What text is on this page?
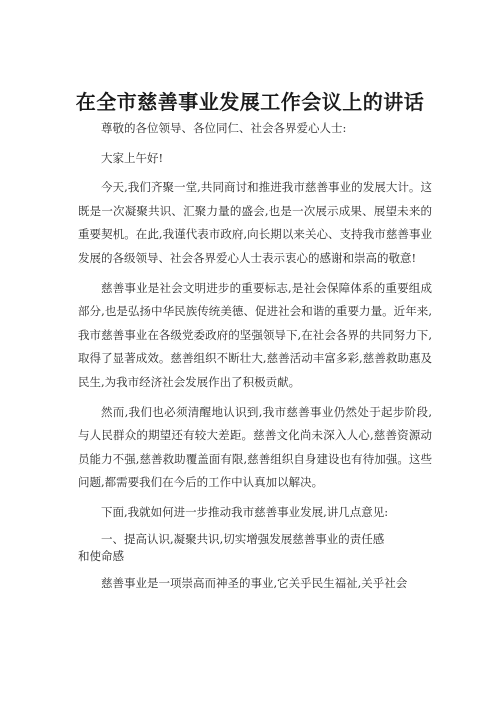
在全市慈善事业发展工作会议上的讲话

尊敬的各位领导、各位同仁、社会各界爱心人士:

大家上午好!

今天,我们齐聚一堂,共同商讨和推进我市慈善事业的发展大计。这既是一次凝聚共识、汇聚力量的盛会,也是一次展示成果、展望未来的重要契机。在此,我谨代表市政府,向长期以来关心、支持我市慈善事业发展的各级领导、社会各界爱心人士表示衷心的感谢和崇高的敬意!

慈善事业是社会文明进步的重要标志,是社会保障体系的重要组成部分,也是弘扬中华民族传统美德、促进社会和谐的重要力量。近年来,我市慈善事业在各级党委政府的坚强领导下,在社会各界的共同努力下,取得了显著成效。慈善组织不断壮大,慈善活动丰富多彩,慈善救助惠及民生,为我市经济社会发展作出了积极贡献。

然而,我们也必须清醒地认识到,我市慈善事业仍然处于起步阶段,与人民群众的期望还有较大差距。慈善文化尚未深入人心,慈善资源动员能力不强,慈善救助覆盖面有限,慈善组织自身建设也有待加强。这些问题,都需要我们在今后的工作中认真加以解决。

下面,我就如何进一步推动我市慈善事业发展,讲几点意见:

一、提高认识,凝聚共识,切实增强发展慈善事业的责任感
和使命感

慈善事业是一项崇高而神圣的事业,它关乎民生福祉,关乎社会
